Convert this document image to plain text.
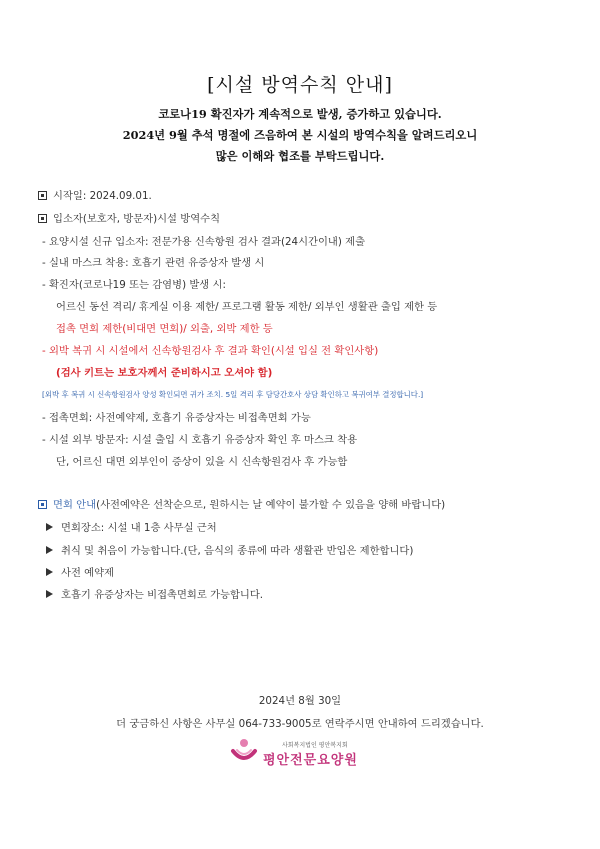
[시설 방역수칙 안내]
코로나19 확진자가 계속적으로 발생, 증가하고 있습니다.
2024년 9월 추석 명절에 즈음하여 본 시설의 방역수칙을 알려드리오니
많은 이해와 협조를 부탁드립니다.
시작일: 2024.09.01.
입소자(보호자, 방문자)시설 방역수칙
- 요양시설 신규 입소자: 전문가용 신속항원 검사 결과(24시간이내) 제출
- 실내 마스크 착용: 호흡기 관련 유증상자 발생 시
- 확진자(코로나19 또는 감염병) 발생 시:
어르신 동선 격리/ 휴게실 이용 제한/ 프로그램 활동 제한/ 외부인 생활관 출입 제한 등
접촉 면회 제한(비대면 면회)/ 외출, 외박 제한 등
- 외박 복귀 시 시설에서 신속항원검사 후 결과 확인(시설 입실 전 확인사항)
(검사 키트는 보호자께서 준비하시고 오셔야 함)
[외박 후 복귀 시 신속항원검사 양성 확인되면 귀가 조치. 5일 격리 후 담당간호사 상담 확인하고 복귀여부 결정합니다.]
- 접촉면회: 사전예약제, 호흡기 유증상자는 비접촉면회 가능
- 시설 외부 방문자: 시설 출입 시 호흡기 유증상자 확인 후 마스크 착용
단, 어르신 대면 외부인이 증상이 있을 시 신속항원검사 후 가능함
면회 안내(사전예약은 선착순으로, 원하시는 날 예약이 불가할 수 있음을 양해 바랍니다)
면회장소: 시설 내 1층 사무실 근처
취식 및 취음이 가능합니다.(단, 음식의 종류에 따라 생활관 반입은 제한합니다)
사전 예약제
호흡기 유증상자는 비접촉면회로 가능합니다.
2024년 8월 30일
더 궁금하신 사항은 사무실 064-733-9005로 연락주시면 안내하여 드리겠습니다.
사회복지법인 평안복지회
평안전문요양원
